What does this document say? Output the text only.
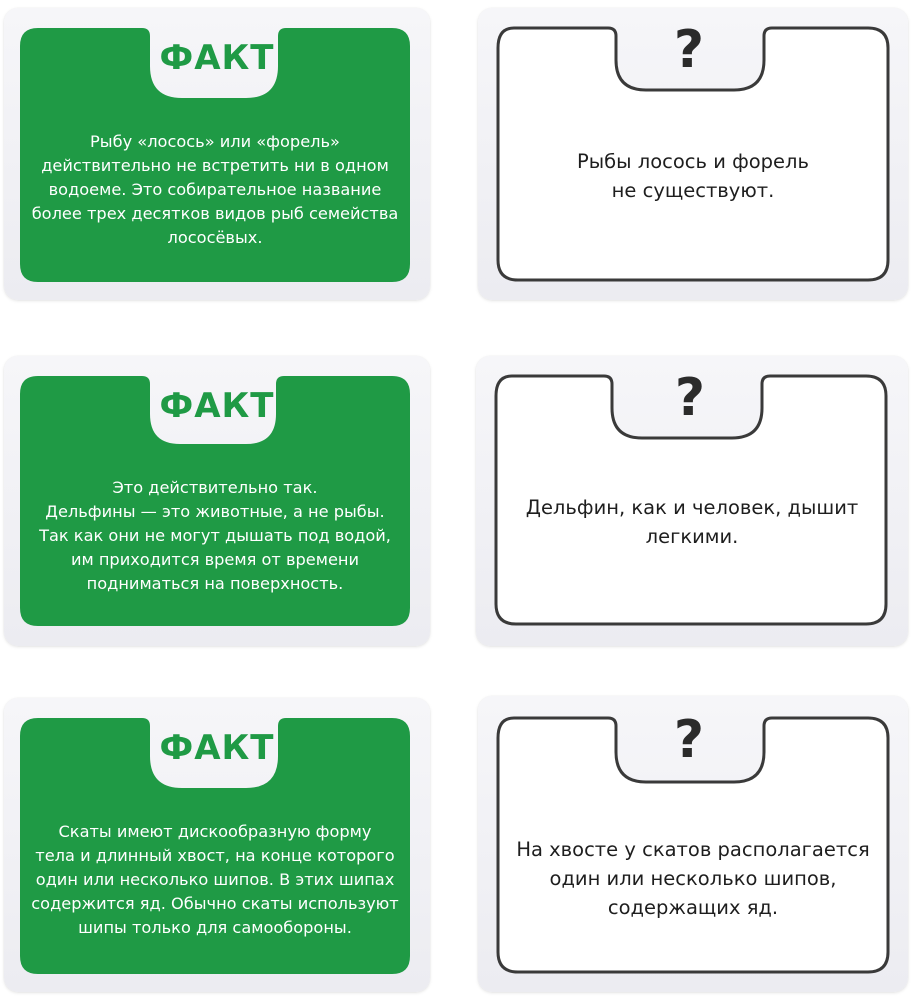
ФАКТ
Рыбу «лосось» или «форель»
действительно не встретить ни в одном
водоеме. Это собирательное название
более трех десятков видов рыб семейства
лососёвых.
?
Рыбы лосось и форель
не существуют.
ФАКТ
Это действительно так.
Дельфины — это животные, а не рыбы.
Так как они не могут дышать под водой,
им приходится время от времени
подниматься на поверхность.
?
Дельфин, как и человек, дышит
легкими.
ФАКТ
Скаты имеют дискообразную форму
тела и длинный хвост, на конце которого
один или несколько шипов. В этих шипах
содержится яд. Обычно скаты используют
шипы только для самообороны.
?
На хвосте у скатов располагается
один или несколько шипов,
содержащих яд.
